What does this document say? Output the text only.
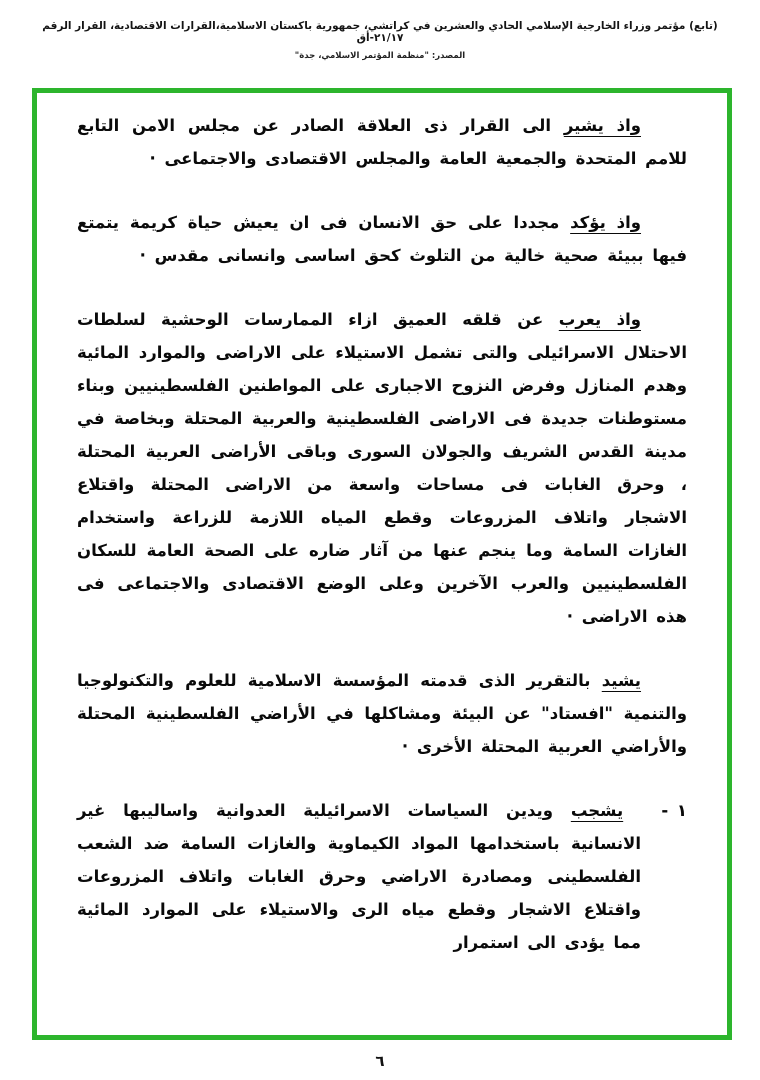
(تابع) مؤتمر وزراء الخارجية الإسلامي الحادي والعشرين في كراتشي، جمهورية باكستان الاسلامية،القرارات الاقتصادية، القرار الرقم ٢١/١٧-أق
المصدر: "منظمة المؤتمر الاسلامي، جدة"

واذ يشير الى القرار ذى العلاقة الصادر عن مجلس الامن التابع للامم المتحدة والجمعية العامة والمجلس الاقتصادى والاجتماعى ·

واذ يؤكد مجددا على حق الانسان فى ان يعيش حياة كريمة يتمتع فيها ببيئة صحية خالية من التلوث كحق اساسى وانسانى مقدس ·

واذ يعرب عن قلقه العميق ازاء الممارسات الوحشية لسلطات الاحتلال الاسرائيلى والتى تشمل الاستيلاء على الاراضى والموارد المائية وهدم المنازل وفرض النزوح الاجبارى على المواطنين الفلسطينيين وبناء مستوطنات جديدة فى الاراضى الفلسطينية والعربية المحتلة وبخاصة في مدينة القدس الشريف والجولان السورى وباقى الأراضى العربية المحتلة ، وحرق الغابات فى مساحات واسعة من الاراضى المحتلة واقتلاع الاشجار واتلاف المزروعات وقطع المياه اللازمة للزراعة واستخدام الغازات السامة وما ينجم عنها من آثار ضاره على الصحة العامة للسكان الفلسطينيين والعرب الآخرين وعلى الوضع الاقتصادى والاجتماعى فى هذه الاراضى ·

يشيد بالتقرير الذى قدمته المؤسسة الاسلامية للعلوم والتكنولوجيا والتنمية "افستاد" عن البيئة ومشاكلها في الأراضي الفلسطينية المحتلة والأراضي العربية المحتلة الأخرى ·

١ - يشجب ويدين السياسات الاسرائيلية العدوانية واساليبها غير الانسانية باستخدامها المواد الكيماوية والغازات السامة ضد الشعب الفلسطينى ومصادرة الاراضي وحرق الغابات واتلاف المزروعات واقتلاع الاشجار وقطع مياه الرى والاستيلاء على الموارد المائية مما يؤدى الى استمرار

٦
